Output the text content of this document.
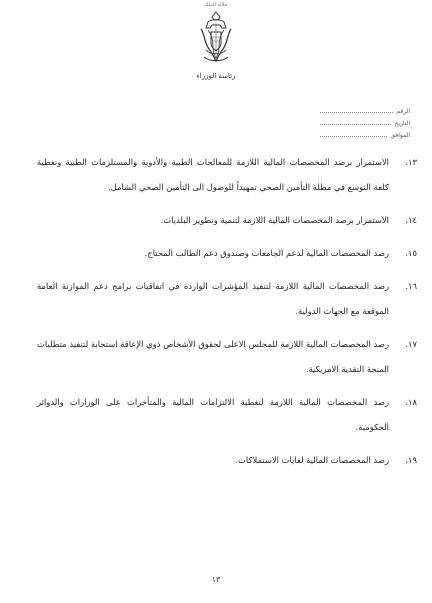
جلالة الملك
رئاسة الوزراء
الرقم
التاريخ
الموافق
١٣.
الاستمرار برصد المخصصات المالية اللازمة للمعالجات الطبية والأدوية والمستلزمات الطبية وتغطية كلفة التوسع في مظلة التأمين الصحي تمهيداً للوصول الى التأمين الصحي الشامل.
١٤.
الاستمرار برصد المخصصات المالية اللازمة لتنمية وتطوير البلديات.
١٥.
رصد المخصصات المالية لدعم الجامعات وصندوق دعم الطالب المحتاج.
١٦.
رصد المخصصات المالية اللازمة لتنفيذ المؤشرات الواردة في اتفاقيات برامج دعم الموازنة العامة الموقعة مع الجهات الدولية.
١٧.
رصد المخصصات المالية اللازمة للمجلس الاعلى لحقوق الأشخاص ذوي الإعاقة استجابة لتنفيذ متطلبات المنحة النقدية الامريكية.
١٨.
رصد المخصصات المالية اللازمة لتغطية الالتزامات المالية والمتأخرات على الوزارات والدوائر الحكومية.
١٩.
رصد المخصصات المالية لغايات الاستملاكات.
١٣
